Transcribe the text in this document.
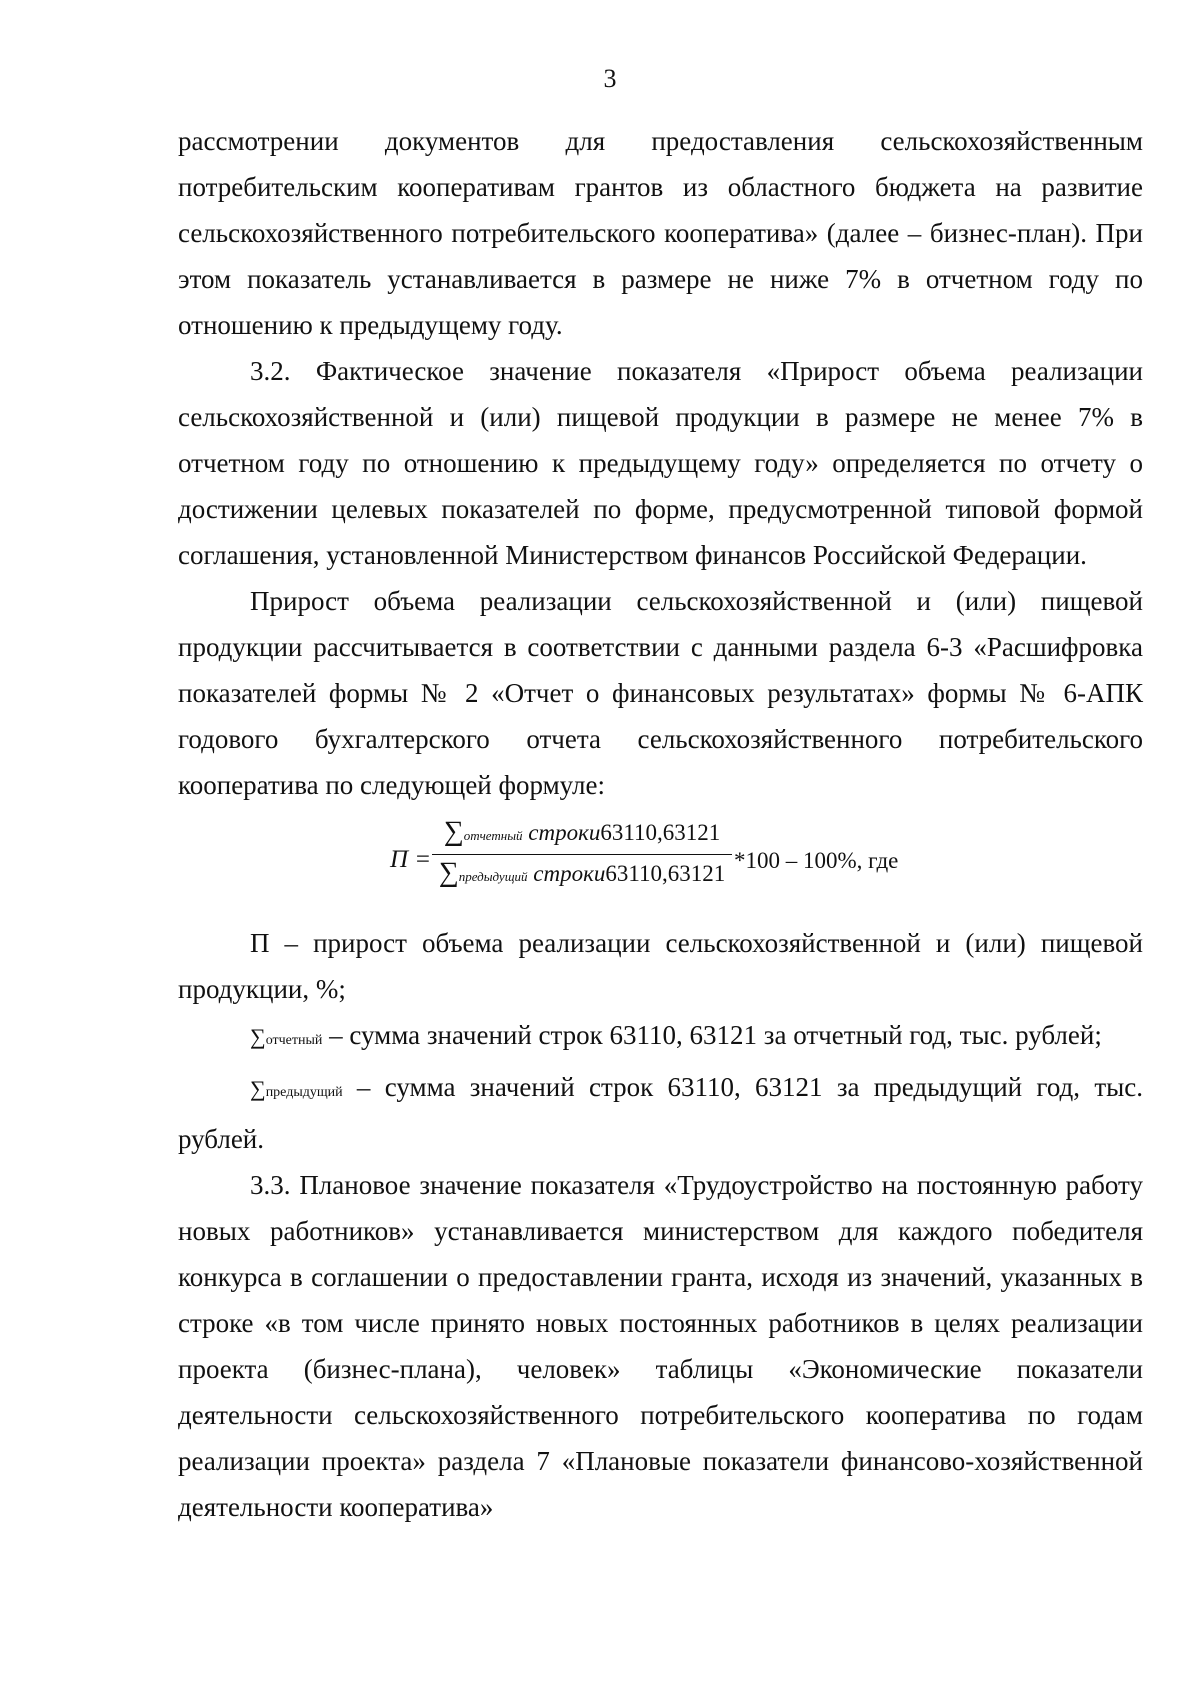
3

рассмотрении документов для предоставления сельскохозяйственным потребительским кооперативам грантов из областного бюджета на развитие сельскохозяйственного потребительского кооператива» (далее – бизнес-план). При этом показатель устанавливается в размере не ниже 7% в отчетном году по отношению к предыдущему году.

3.2. Фактическое значение показателя «Прирост объема реализации сельскохозяйственной и (или) пищевой продукции в размере не менее 7% в отчетном году по отношению к предыдущему году» определяется по отчету о достижении целевых показателей по форме, предусмотренной типовой формой соглашения, установленной Министерством финансов Российской Федерации.

Прирост объема реализации сельскохозяйственной и (или) пищевой продукции рассчитывается в соответствии с данными раздела 6-3 «Расшифровка показателей формы № 2 «Отчет о финансовых результатах» формы № 6-АПК годового бухгалтерского отчета сельскохозяйственного потребительского кооператива по следующей формуле:

П =
∑отчетный строки63110,63121
∑предыдущий строки63110,63121
*100 – 100%, где

П – прирост объема реализации сельскохозяйственной и (или) пищевой продукции, %;

∑отчетный – сумма значений строк 63110, 63121 за отчетный год, тыс. рублей;

∑предыдущий – сумма значений строк 63110, 63121 за предыдущий год, тыс. рублей.

3.3. Плановое значение показателя «Трудоустройство на постоянную работу новых работников» устанавливается министерством для каждого победителя конкурса в соглашении о предоставлении гранта, исходя из значений, указанных в строке «в том числе принято новых постоянных работников в целях реализации проекта (бизнес-плана), человек» таблицы «Экономические показатели деятельности сельскохозяйственного потребительского кооператива по годам реализации проекта» раздела 7 «Плановые показатели финансово-хозяйственной деятельности кооператива»
